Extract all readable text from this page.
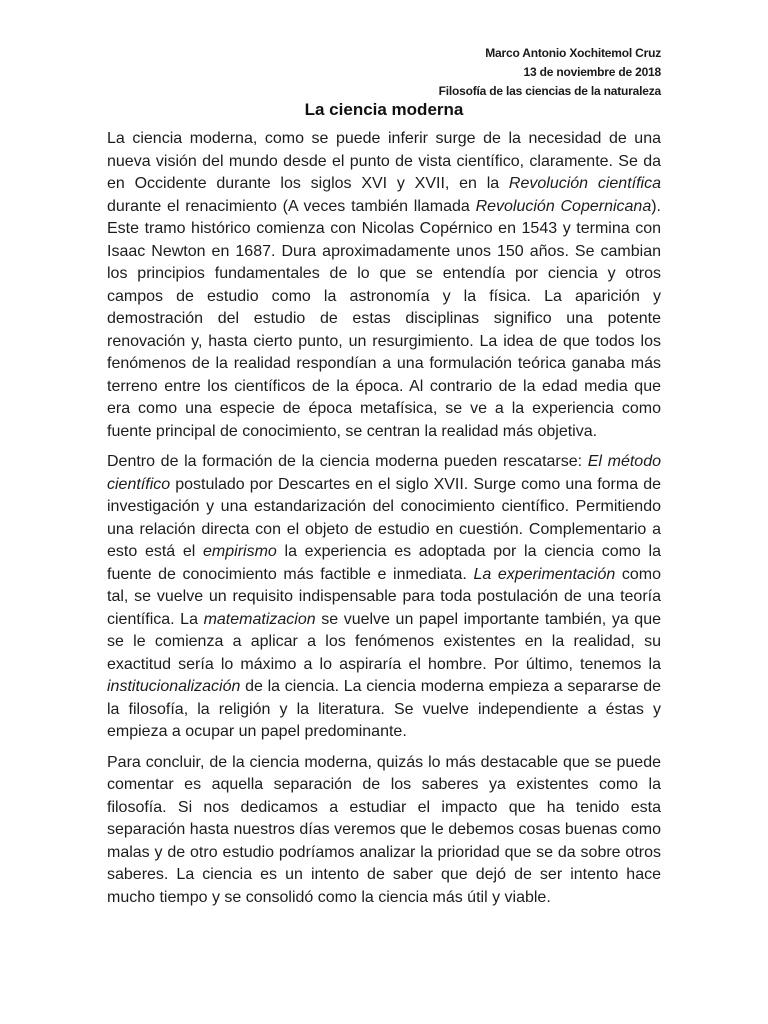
Marco Antonio Xochitemol Cruz
13 de noviembre de 2018
Filosofía de las ciencias de la naturaleza
La ciencia moderna

La ciencia moderna, como se puede inferir surge de la necesidad de una nueva visión del mundo desde el punto de vista científico, claramente. Se da en Occidente durante los siglos XVI y XVII, en la Revolución científica durante el renacimiento (A veces también llamada Revolución Copernicana). Este tramo histórico comienza con Nicolas Copérnico en 1543 y termina con Isaac Newton en 1687. Dura aproximadamente unos 150 años. Se cambian los principios fundamentales de lo que se entendía por ciencia y otros campos de estudio como la astronomía y la física. La aparición y demostración del estudio de estas disciplinas significo una potente renovación y, hasta cierto punto, un resurgimiento. La idea de que todos los fenómenos de la realidad respondían a una formulación teórica ganaba más terreno entre los científicos de la época. Al contrario de la edad media que era como una especie de época metafísica, se ve a la experiencia como fuente principal de conocimiento, se centran la realidad más objetiva.

Dentro de la formación de la ciencia moderna pueden rescatarse: El método científico postulado por Descartes en el siglo XVII. Surge como una forma de investigación y una estandarización del conocimiento científico. Permitiendo una relación directa con el objeto de estudio en cuestión. Complementario a esto está el empirismo la experiencia es adoptada por la ciencia como la fuente de conocimiento más factible e inmediata. La experimentación como tal, se vuelve un requisito indispensable para toda postulación de una teoría científica. La matematizacion se vuelve un papel importante también, ya que se le comienza a aplicar a los fenómenos existentes en la realidad, su exactitud sería lo máximo a lo aspiraría el hombre. Por último, tenemos la institucionalización de la ciencia. La ciencia moderna empieza a separarse de la filosofía, la religión y la literatura. Se vuelve independiente a éstas y empieza a ocupar un papel predominante.

Para concluir, de la ciencia moderna, quizás lo más destacable que se puede comentar es aquella separación de los saberes ya existentes como la filosofía. Si nos dedicamos a estudiar el impacto que ha tenido esta separación hasta nuestros días veremos que le debemos cosas buenas como malas y de otro estudio podríamos analizar la prioridad que se da sobre otros saberes. La ciencia es un intento de saber que dejó de ser intento hace mucho tiempo y se consolidó como la ciencia más útil y viable.
